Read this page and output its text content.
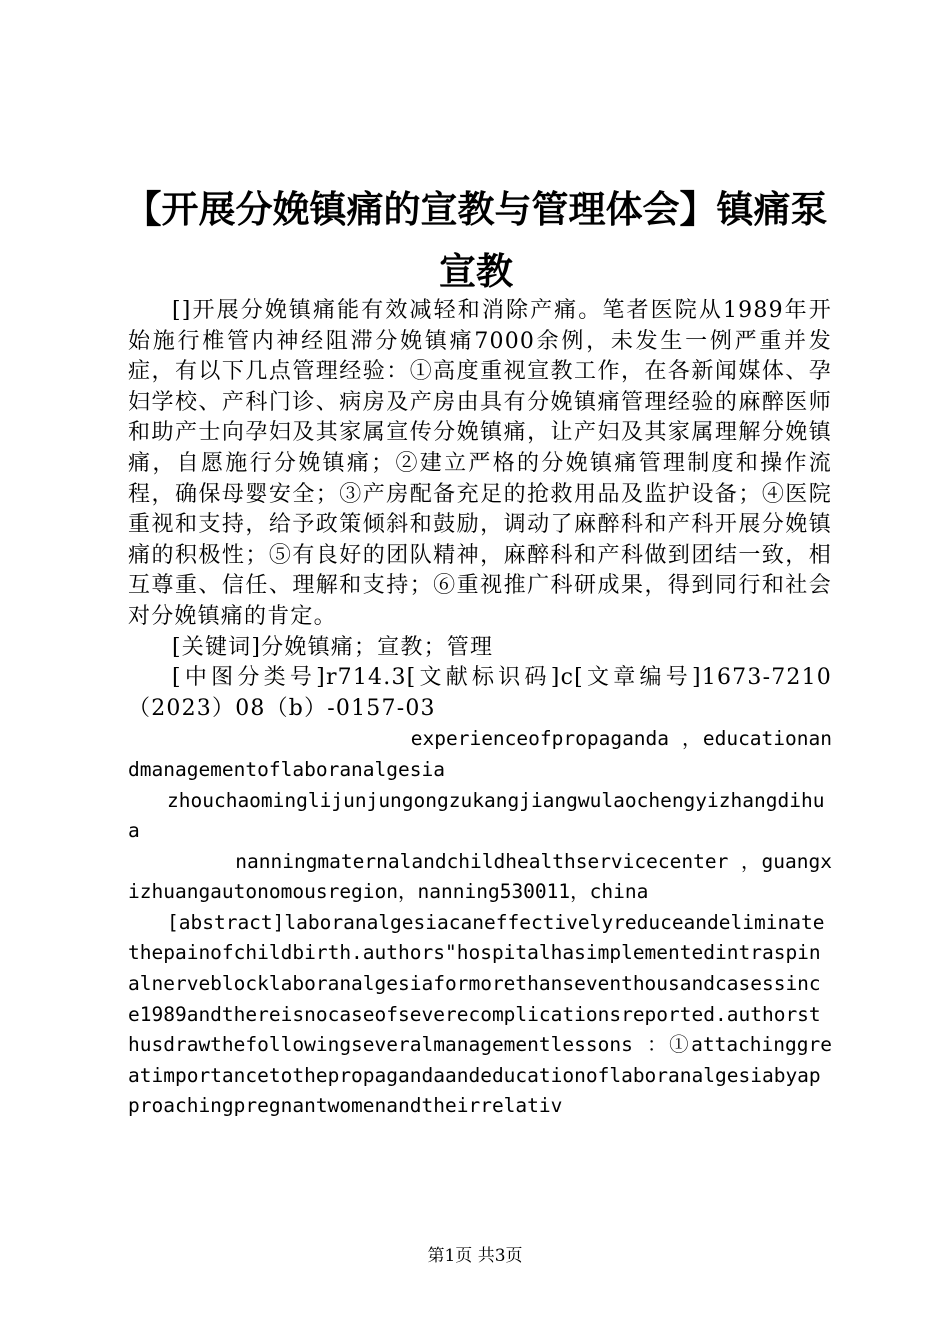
【开展分娩镇痛的宣教与管理体会】镇痛泵宣教

[]开展分娩镇痛能有效减轻和消除产痛。笔者医院从1989年开始施行椎管内神经阻滞分娩镇痛7000余例，未发生一例严重并发症，有以下几点管理经验：①高度重视宣教工作，在各新闻媒体、孕妇学校、产科门诊、病房及产房由具有分娩镇痛管理经验的麻醉医师和助产士向孕妇及其家属宣传分娩镇痛，让产妇及其家属理解分娩镇痛，自愿施行分娩镇痛；②建立严格的分娩镇痛管理制度和操作流程，确保母婴安全；③产房配备充足的抢救用品及监护设备；④医院重视和支持，给予政策倾斜和鼓励，调动了麻醉科和产科开展分娩镇痛的积极性；⑤有良好的团队精神，麻醉科和产科做到团结一致，相互尊重、信任、理解和支持；⑥重视推广科研成果，得到同行和社会对分娩镇痛的肯定。

[关键词]分娩镇痛；宣教；管理

[中图分类号]r714.3[文献标识码]c[文章编号]1673-7210（2023）08（b）-0157-03

experienceofpropaganda ，educationandmanagementoflaboranalgesia

zhouchaominglijunjungongzukangjiangwulaochengyizhangdihua

nanningmaternalandchildhealthservicecenter ，guangxizhuangautonomousregion，nanning530011，china

[abstract]laboranalgesiacaneffectivelyreduceandeliminatethepainofchildbirth.authors"hospitalhasimplementedintraspinalnerveblocklaboranalgesiaformorethanseventhousandcasessince1989andthereisnocaseofseverecomplicationsreported.authorsthusdrawthefollowingseveralmanagementlessons ：①attachinggreatimportancetothepropagandaandeducationoflaboranalgesiabyapproachingpregnantwomenandtheirrelativ

第1页 共3页
